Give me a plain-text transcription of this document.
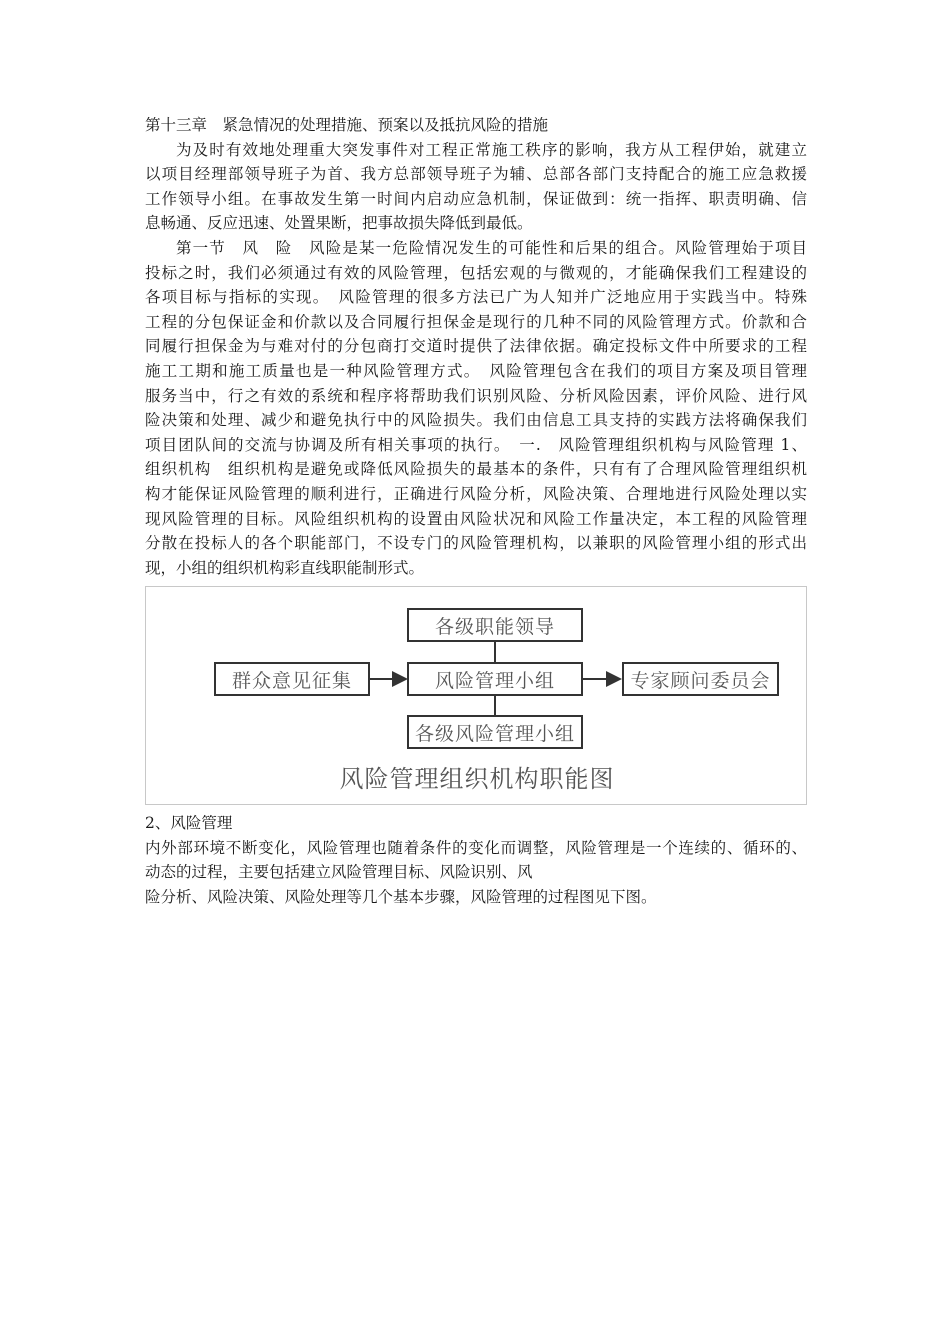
第十三章　紧急情况的处理措施、预案以及抵抗风险的措施
为及时有效地处理重大突发事件对工程正常施工秩序的影响，我方从工程伊始，就建立
以项目经理部领导班子为首、我方总部领导班子为辅、总部各部门支持配合的施工应急救援
工作领导小组。在事故发生第一时间内启动应急机制，保证做到：统一指挥、职责明确、信
息畅通、反应迅速、处置果断，把事故损失降低到最低。
第一节　风　险　风险是某一危险情况发生的可能性和后果的组合。风险管理始于项目
投标之时，我们必须通过有效的风险管理，包括宏观的与微观的，才能确保我们工程建设的
各项目标与指标的实现。　风险管理的很多方法已广为人知并广泛地应用于实践当中。特殊
工程的分包保证金和价款以及合同履行担保金是现行的几种不同的风险管理方式。价款和合
同履行担保金为与难对付的分包商打交道时提供了法律依据。确定投标文件中所要求的工程
施工工期和施工质量也是一种风险管理方式。　风险管理包含在我们的项目方案及项目管理
服务当中，行之有效的系统和程序将帮助我们识别风险、分析风险因素，评价风险、进行风
险决策和处理、减少和避免执行中的风险损失。我们由信息工具支持的实践方法将确保我们
项目团队间的交流与协调及所有相关事项的执行。　一.　风险管理组织机构与风险管理 1、
组织机构　组织机构是避免或降低风险损失的最基本的条件，只有有了合理风险管理组织机
构才能保证风险管理的顺利进行，正确进行风险分析，风险决策、合理地进行风险处理以实
现风险管理的目标。风险组织机构的设置由风险状况和风险工作量决定，本工程的风险管理
分散在投标人的各个职能部门，不设专门的风险管理机构，以兼职的风险管理小组的形式出
现，小组的组织机构彩直线职能制形式。
各级职能领导
群众意见征集	风险管理小组	专家顾问委员会
各级风险管理小组
风险管理组织机构职能图
2、风险管理
内外部环境不断变化，风险管理也随着条件的变化而调整，风险管理是一个连续的、循环的、
动态的过程，主要包括建立风险管理目标、风险识别、风
险分析、风险决策、风险处理等几个基本步骤，风险管理的过程图见下图。
